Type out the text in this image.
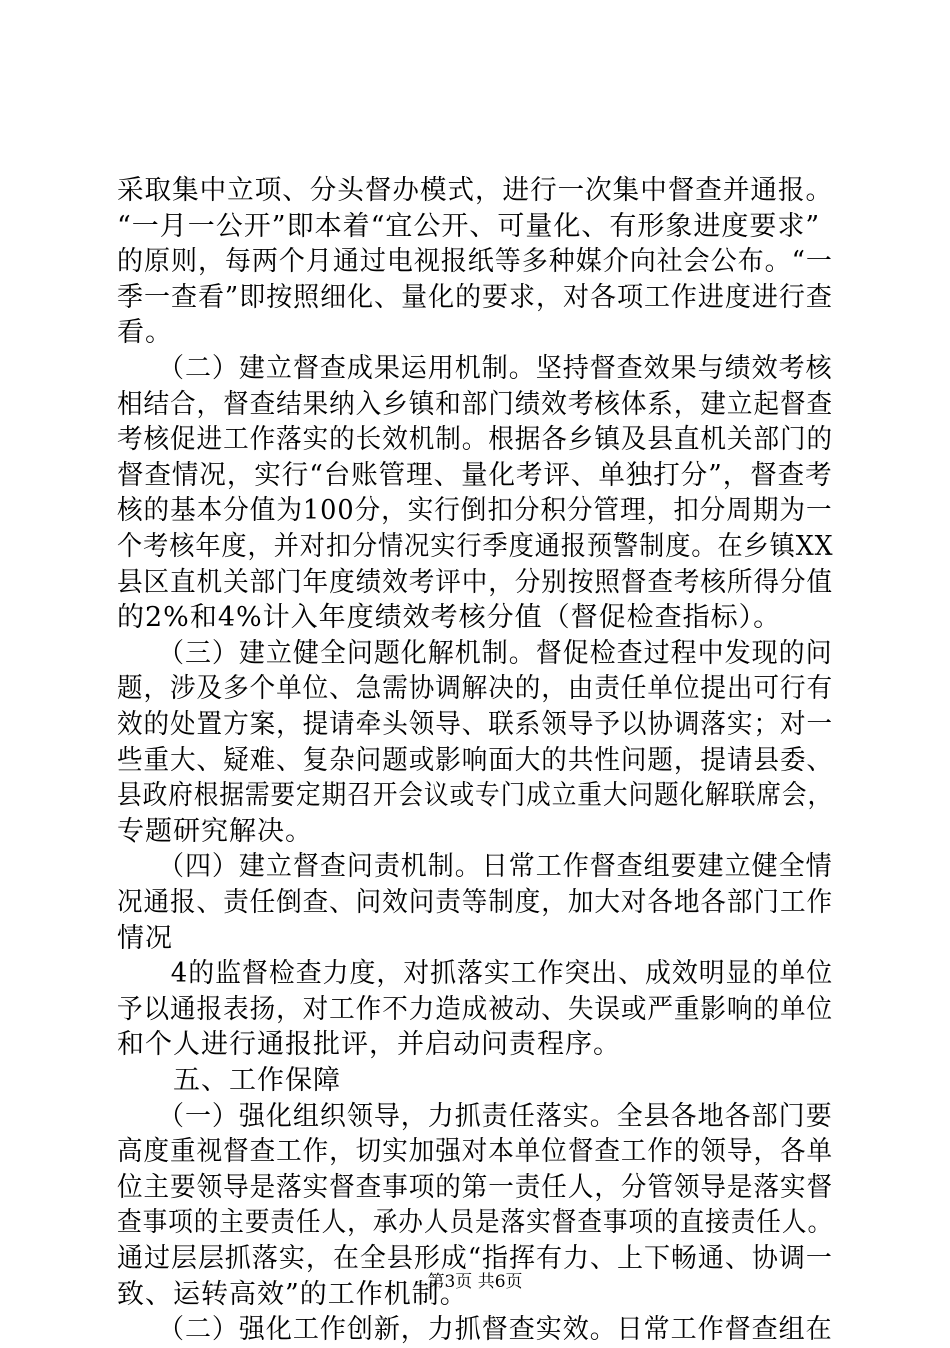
采取集中立项、分头督办模式，进行一次集中督查并通报。
“一月一公开”即本着“宜公开、可量化、有形象进度要求”
的原则，每两个月通过电视报纸等多种媒介向社会公布。“一
季一查看”即按照细化、量化的要求，对各项工作进度进行查
看。
　　（二）建立督查成果运用机制。坚持督查效果与绩效考核
相结合，督查结果纳入乡镇和部门绩效考核体系，建立起督查
考核促进工作落实的长效机制。根据各乡镇及县直机关部门的
督查情况，实行“台账管理、量化考评、单独打分”，督查考
核的基本分值为100分，实行倒扣分积分管理，扣分周期为一
个考核年度，并对扣分情况实行季度通报预警制度。在乡镇XX
县区直机关部门年度绩效考评中，分别按照督查考核所得分值
的2%和4%计入年度绩效考核分值（督促检查指标）。
　　（三）建立健全问题化解机制。督促检查过程中发现的问
题，涉及多个单位、急需协调解决的，由责任单位提出可行有
效的处置方案，提请牵头领导、联系领导予以协调落实；对一
些重大、疑难、复杂问题或影响面大的共性问题，提请县委、
县政府根据需要定期召开会议或专门成立重大问题化解联席会，
专题研究解决。
　　（四）建立督查问责机制。日常工作督查组要建立健全情
况通报、责任倒查、问效问责等制度，加大对各地各部门工作
情况
　　4的监督检查力度，对抓落实工作突出、成效明显的单位
予以通报表扬，对工作不力造成被动、失误或严重影响的单位
和个人进行通报批评，并启动问责程序。
　　五、工作保障
　　（一）强化组织领导，力抓责任落实。全县各地各部门要
高度重视督查工作，切实加强对本单位督查工作的领导，各单
位主要领导是落实督查事项的第一责任人，分管领导是落实督
查事项的主要责任人，承办人员是落实督查事项的直接责任人。
通过层层抓落实，在全县形成“指挥有力、上下畅通、协调一
致、运转高效”的工作机制。
　　（二）强化工作创新，力抓督查实效。日常工作督查组在
第3页 共6页
